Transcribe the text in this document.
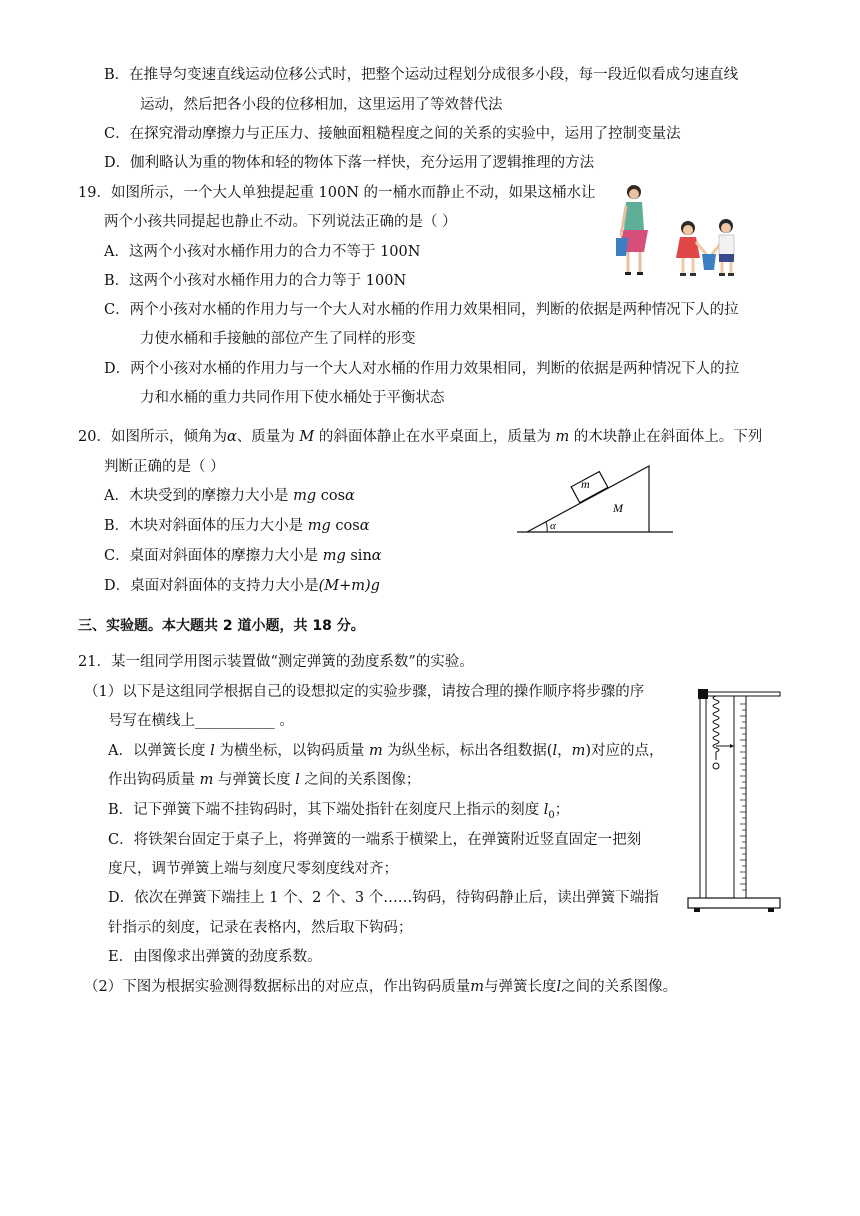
B．在推导匀变速直线运动位移公式时，把整个运动过程划分成很多小段，每一段近似看成匀速直线
运动，然后把各小段的位移相加，这里运用了等效替代法
C．在探究滑动摩擦力与正压力、接触面粗糙程度之间的关系的实验中，运用了控制变量法
D．伽利略认为重的物体和轻的物体下落一样快，充分运用了逻辑推理的方法
19．如图所示，一个大人单独提起重 100N 的一桶水而静止不动，如果这桶水让
两个小孩共同提起也静止不动。下列说法正确的是（ ）
A．这两个小孩对水桶作用力的合力不等于 100N
B．这两个小孩对水桶作用力的合力等于 100N
C．两个小孩对水桶的作用力与一个大人对水桶的作用力效果相同，判断的依据是两种情况下人的拉
力使水桶和手接触的部位产生了同样的形变
D．两个小孩对水桶的作用力与一个大人对水桶的作用力效果相同，判断的依据是两种情况下人的拉
力和水桶的重力共同作用下使水桶处于平衡状态
20．如图所示，倾角为α、质量为 M 的斜面体静止在水平桌面上，质量为 m 的木块静止在斜面体上。下列
判断正确的是（ ）
A．木块受到的摩擦力大小是 mg cosα
B．木块对斜面体的压力大小是 mg cosα
C．桌面对斜面体的摩擦力大小是 mg sinα
D．桌面对斜面体的支持力大小是(M+m)g
m
M
α
三、实验题。本大题共 2 道小题，共 18 分。
21．某一组同学用图示装置做“测定弹簧的劲度系数”的实验。
（1）以下是这组同学根据自己的设想拟定的实验步骤，请按合理的操作顺序将步骤的序
号写在横线上___________ 。
A．以弹簧长度 l 为横坐标，以钩码质量 m 为纵坐标，标出各组数据(l，m)对应的点，
作出钩码质量 m 与弹簧长度 l 之间的关系图像；
B．记下弹簧下端不挂钩码时，其下端处指针在刻度尺上指示的刻度 $l_0$；
C．将铁架台固定于桌子上，将弹簧的一端系于横梁上，在弹簧附近竖直固定一把刻
度尺，调节弹簧上端与刻度尺零刻度线对齐；
D．依次在弹簧下端挂上 1 个、2 个、3 个……钩码，待钩码静止后，读出弹簧下端指
针指示的刻度，记录在表格内，然后取下钩码；
E．由图像求出弹簧的劲度系数。
（2）下图为根据实验测得数据标出的对应点，作出钩码质量m与弹簧长度l之间的关系图像。
